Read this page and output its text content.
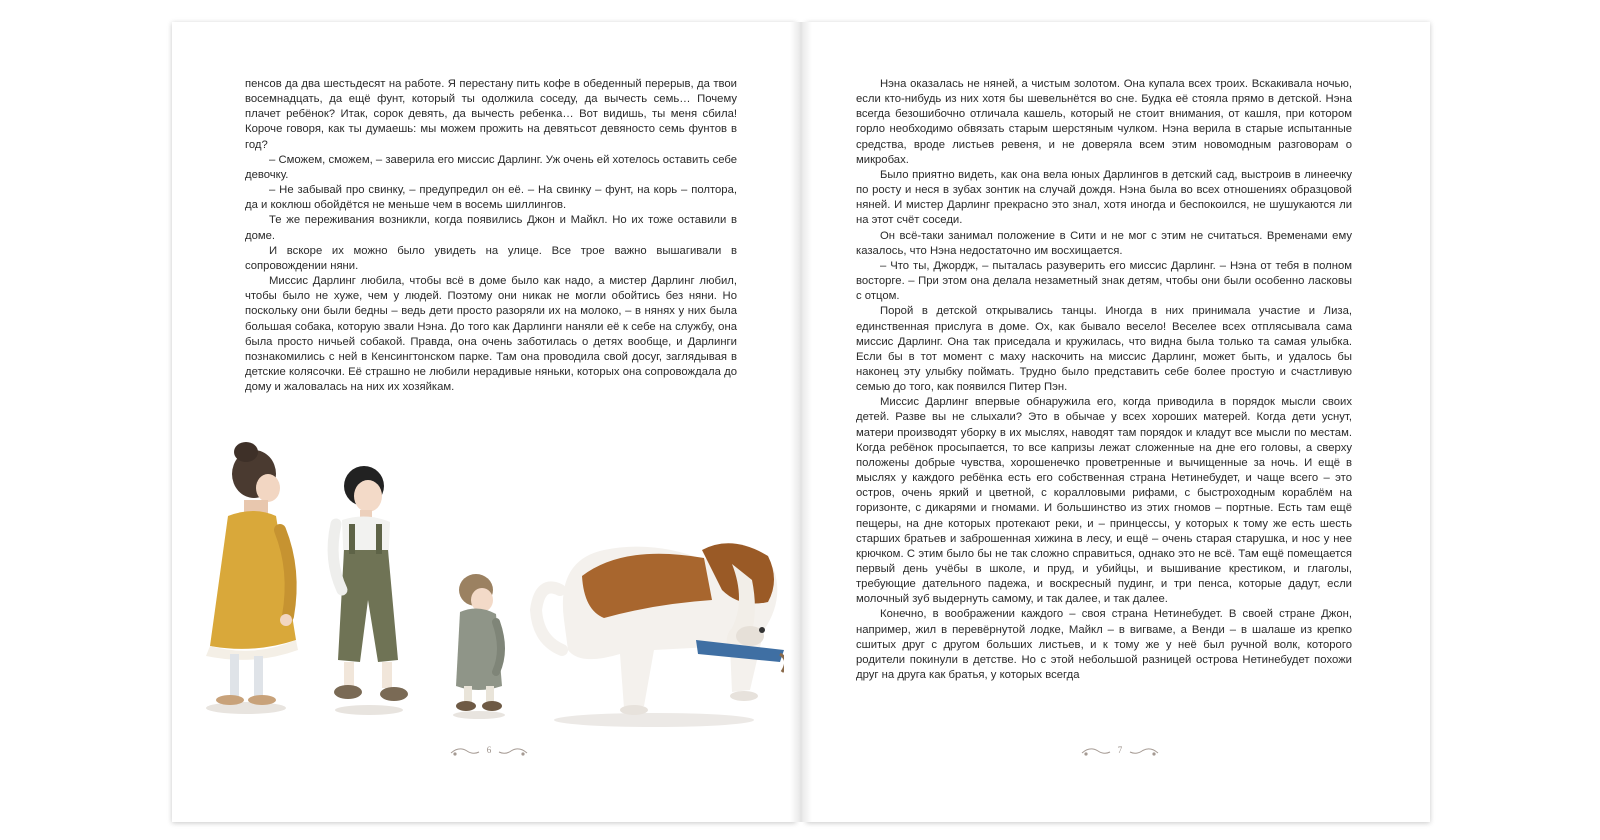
пенсов да два шестьдесят на работе. Я перестану пить кофе в обеденный перерыв, да твои восемнадцать, да ещё фунт, который ты одолжила соседу, да вычесть семь… Почему плачет ребёнок? Итак, сорок девять, да вычесть ребенка… Вот видишь, ты меня сбила! Короче говоря, как ты думаешь: мы можем прожить на девятьсот девяносто семь фунтов в год?

– Сможем, сможем, – заверила его миссис Дарлинг. Уж очень ей хотелось оставить себе девочку.

– Не забывай про свинку, – предупредил он её. – На свинку – фунт, на корь – полтора, да и коклюш обойдётся не меньше чем в восемь шиллингов.

Те же переживания возникли, когда появились Джон и Майкл. Но их тоже оставили в доме.

И вскоре их можно было увидеть на улице. Все трое важно вышагивали в сопровождении няни.

Миссис Дарлинг любила, чтобы всё в доме было как надо, а мистер Дарлинг любил, чтобы было не хуже, чем у людей. Поэтому они никак не могли обойтись без няни. Но поскольку они были бедны – ведь дети просто разоряли их на молоко, – в нянях у них была большая собака, которую звали Нэна. До того как Дарлинги наняли её к себе на службу, она была просто ничьей собакой. Правда, она очень заботилась о детях вообще, и Дарлинги познакомились с ней в Кенсингтонском парке. Там она проводила свой досуг, заглядывая в детские колясочки. Её страшно не любили нерадивые няньки, которых она сопровождала до дому и жаловалась на них их хозяйкам.

6

Нэна оказалась не няней, а чистым золотом. Она купала всех троих. Вскакивала ночью, если кто-нибудь из них хотя бы шевельнётся во сне. Будка её стояла прямо в детской. Нэна всегда безошибочно отличала кашель, который не стоит внимания, от кашля, при котором горло необходимо обвязать старым шерстяным чулком. Нэна верила в старые испытанные средства, вроде листьев ревеня, и не доверяла всем этим новомодным разговорам о микробах.

Было приятно видеть, как она вела юных Дарлингов в детский сад, выстроив в линеечку по росту и неся в зубах зонтик на случай дождя. Нэна была во всех отношениях образцовой няней. И мистер Дарлинг прекрасно это знал, хотя иногда и беспокоился, не шушукаются ли на этот счёт соседи.

Он всё-таки занимал положение в Сити и не мог с этим не считаться. Временами ему казалось, что Нэна недостаточно им восхищается.

– Что ты, Джордж, – пыталась разуверить его миссис Дарлинг. – Нэна от тебя в полном восторге. – При этом она делала незаметный знак детям, чтобы они были особенно ласковы с отцом.

Порой в детской открывались танцы. Иногда в них принимала участие и Лиза, единственная прислуга в доме. Ох, как бывало весело! Веселее всех отплясывала сама миссис Дарлинг. Она так приседала и кружилась, что видна была только та самая улыбка. Если бы в тот момент с маху наскочить на миссис Дарлинг, может быть, и удалось бы наконец эту улыбку поймать. Трудно было представить себе более простую и счастливую семью до того, как появился Питер Пэн.

Миссис Дарлинг впервые обнаружила его, когда приводила в порядок мысли своих детей. Разве вы не слыхали? Это в обычае у всех хороших матерей. Когда дети уснут, матери производят уборку в их мыслях, наводят там порядок и кладут все мысли по местам. Когда ребёнок просыпается, то все капризы лежат сложенные на дне его головы, а сверху положены добрые чувства, хорошенечко проветренные и вычищенные за ночь. И ещё в мыслях у каждого ребёнка есть его собственная страна Нетинебудет, и чаще всего – это остров, очень яркий и цветной, с коралловыми рифами, с быстроходным кораблём на горизонте, с дикарями и гномами. И большинство из этих гномов – портные. Есть там ещё пещеры, на дне которых протекают реки, и – принцессы, у которых к тому же есть шесть старших братьев и заброшенная хижина в лесу, и ещё – очень старая старушка, и нос у нее крючком. С этим было бы не так сложно справиться, однако это не всё. Там ещё помещается первый день учёбы в школе, и пруд, и убийцы, и вышивание крестиком, и глаголы, требующие дательного падежа, и воскресный пудинг, и три пенса, которые дадут, если молочный зуб выдернуть самому, и так далее, и так далее.

Конечно, в воображении каждого – своя страна Нетинебудет. В своей стране Джон, например, жил в перевёрнутой лодке, Майкл – в вигваме, а Венди – в шалаше из крепко сшитых друг с другом больших листьев, и к тому же у неё был ручной волк, которого родители покинули в детстве. Но с этой небольшой разницей острова Нетинебудет похожи друг на друга как братья, у которых всегда

7
